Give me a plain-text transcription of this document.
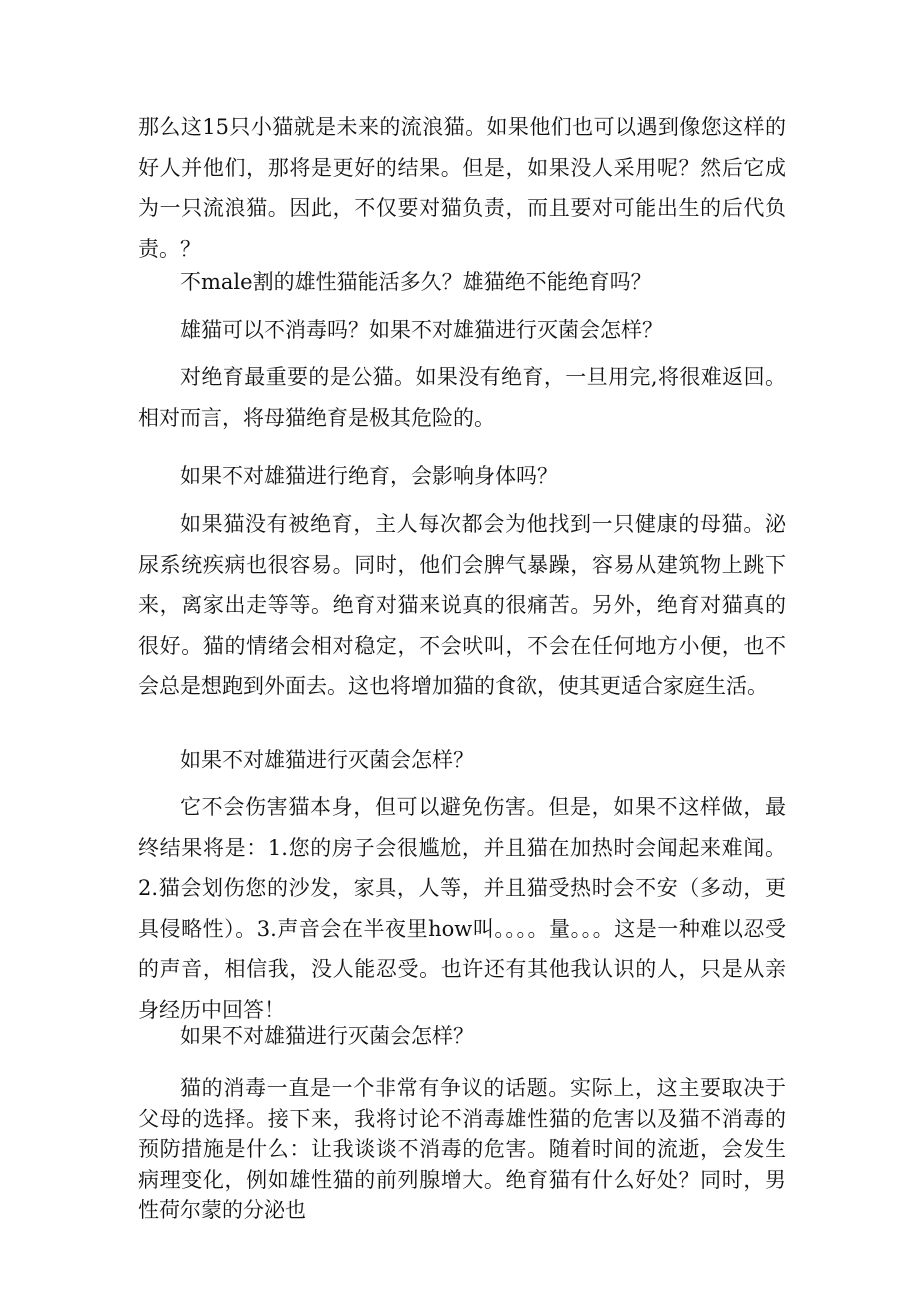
那么这15只小猫就是未来的流浪猫。如果他们也可以遇到像您这样的好人并他们，那将是更好的结果。但是，如果没人采用呢？然后它成为一只流浪猫。因此，不仅要对猫负责，而且要对可能出生的后代负责。？

不male割的雄性猫能活多久？雄猫绝不能绝育吗？

雄猫可以不消毒吗？如果不对雄猫进行灭菌会怎样？

对绝育最重要的是公猫。如果没有绝育，一旦用完,将很难返回。相对而言，将母猫绝育是极其危险的。

如果不对雄猫进行绝育，会影响身体吗？

如果猫没有被绝育，主人每次都会为他找到一只健康的母猫。泌尿系统疾病也很容易。同时，他们会脾气暴躁，容易从建筑物上跳下来，离家出走等等。绝育对猫来说真的很痛苦。另外，绝育对猫真的很好。猫的情绪会相对稳定，不会吠叫，不会在任何地方小便，也不会总是想跑到外面去。这也将增加猫的食欲，使其更适合家庭生活。

如果不对雄猫进行灭菌会怎样？

它不会伤害猫本身，但可以避免伤害。但是，如果不这样做，最终结果将是：1.您的房子会很尴尬，并且猫在加热时会闻起来难闻。2.猫会划伤您的沙发，家具，人等，并且猫受热时会不安（多动，更具侵略性）。3.声音会在半夜里how叫。。。。量。。。这是一种难以忍受的声音，相信我，没人能忍受。也许还有其他我认识的人，只是从亲身经历中回答！

如果不对雄猫进行灭菌会怎样？

猫的消毒一直是一个非常有争议的话题。实际上，这主要取决于父母的选择。接下来，我将讨论不消毒雄性猫的危害以及猫不消毒的预防措施是什么：让我谈谈不消毒的危害。随着时间的流逝，会发生病理变化，例如雄性猫的前列腺增大。绝育猫有什么好处？同时，男性荷尔蒙的分泌也
